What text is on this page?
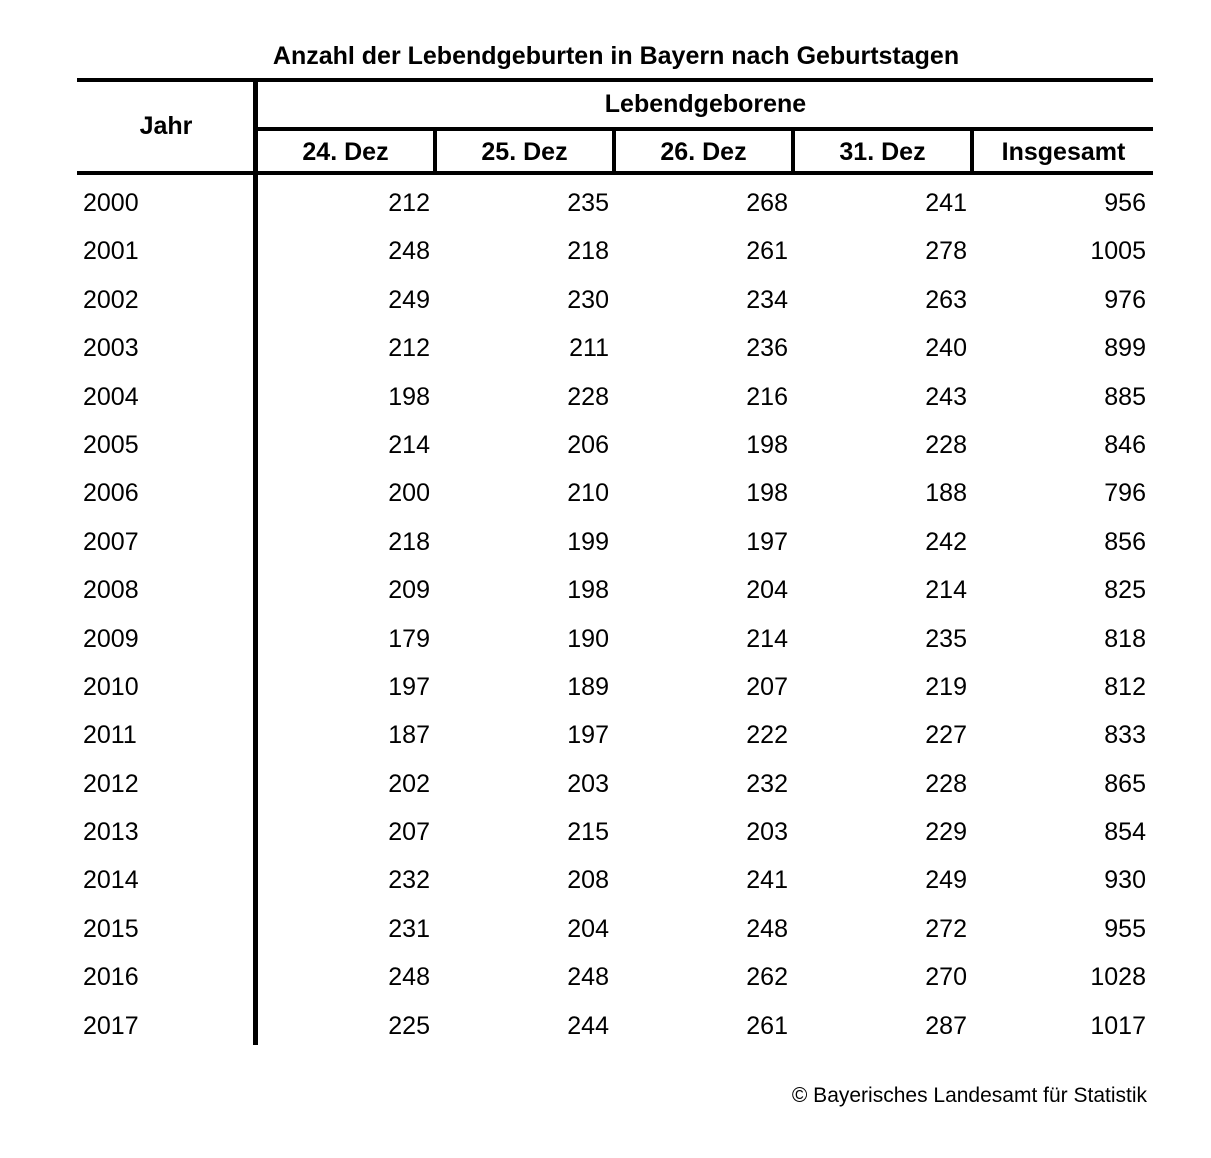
Anzahl der Lebendgeburten in Bayern nach Geburtstagen
Jahr
Lebendgeborene
24. Dez	25. Dez	26. Dez	31. Dez	Insgesamt
2000	212	235	268	241	956
2001	248	218	261	278	1005
2002	249	230	234	263	976
2003	212	211	236	240	899
2004	198	228	216	243	885
2005	214	206	198	228	846
2006	200	210	198	188	796
2007	218	199	197	242	856
2008	209	198	204	214	825
2009	179	190	214	235	818
2010	197	189	207	219	812
2011	187	197	222	227	833
2012	202	203	232	228	865
2013	207	215	203	229	854
2014	232	208	241	249	930
2015	231	204	248	272	955
2016	248	248	262	270	1028
2017	225	244	261	287	1017
© Bayerisches Landesamt für Statistik
